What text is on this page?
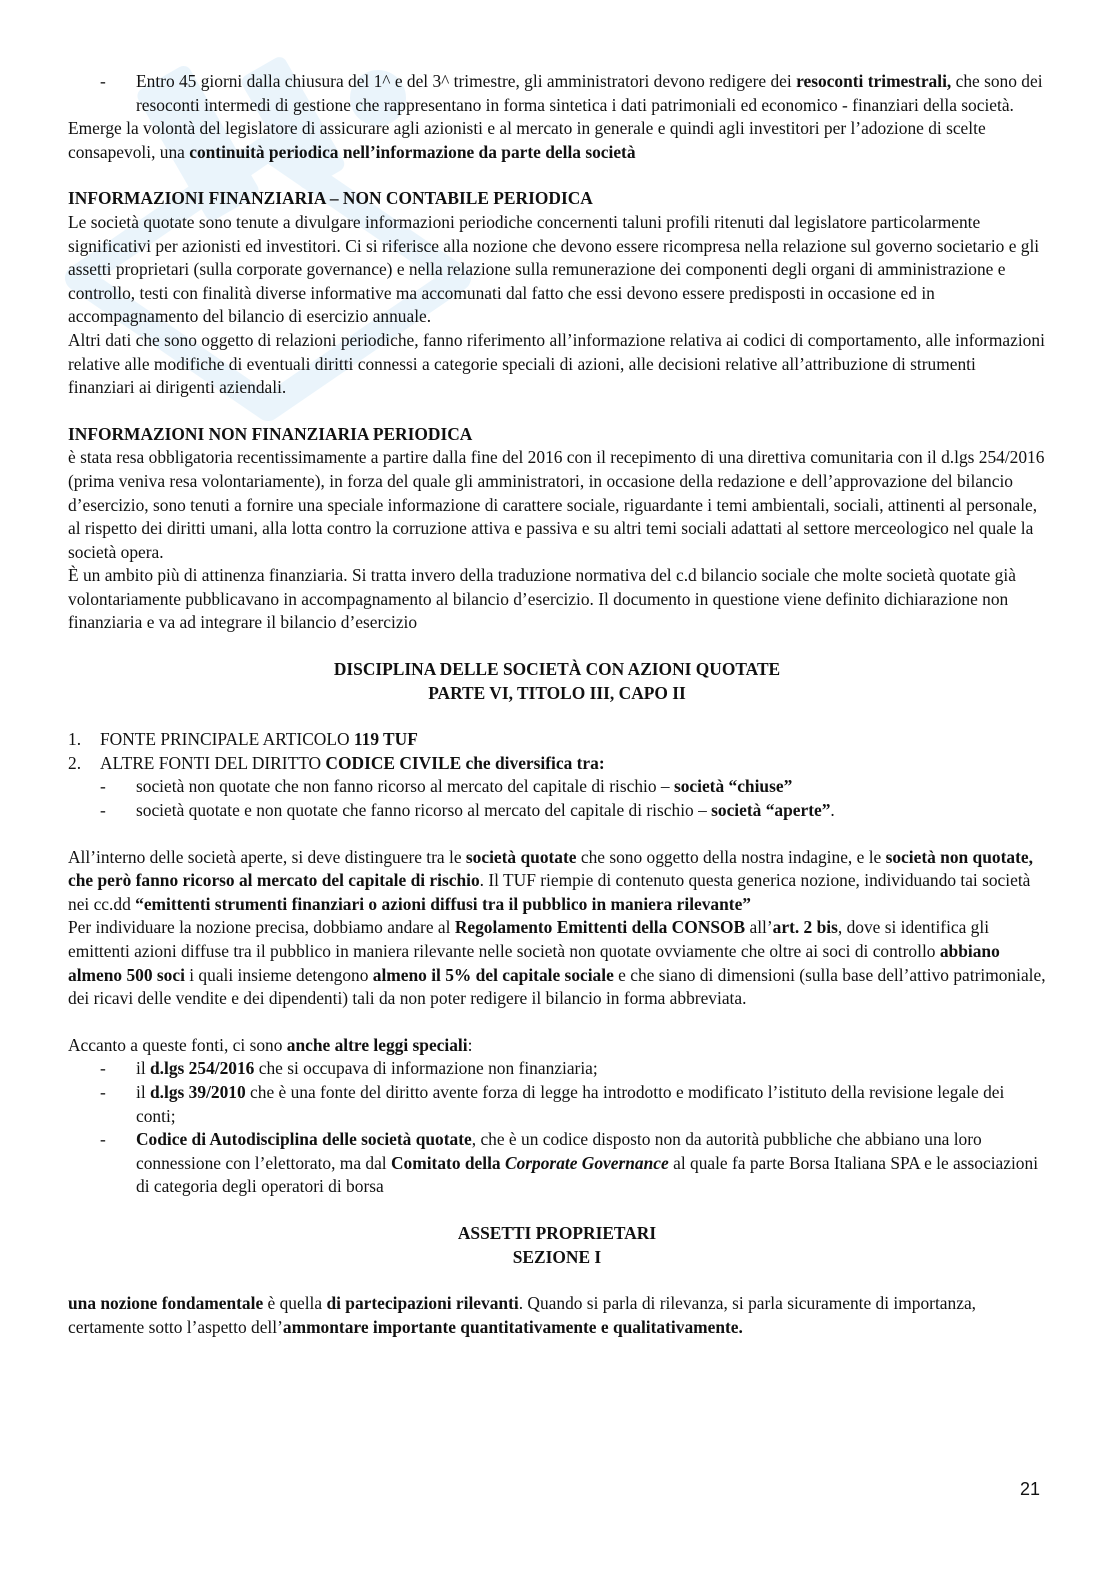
- Entro 45 giorni dalla chiusura del 1^ e del 3^ trimestre, gli amministratori devono redigere dei resoconti trimestrali, che sono dei resoconti intermedi di gestione che rappresentano in forma sintetica i dati patrimoniali ed economico - finanziari della società.

Emerge la volontà del legislatore di assicurare agli azionisti e al mercato in generale e quindi agli investitori per l’adozione di scelte consapevoli, una continuità periodica nell’informazione da parte della società

INFORMAZIONI FINANZIARIA – NON CONTABILE PERIODICA

Le società quotate sono tenute a divulgare informazioni periodiche concernenti taluni profili ritenuti dal legislatore particolarmente significativi per azionisti ed investitori. Ci si riferisce alla nozione che devono essere ricompresa nella relazione sul governo societario e gli assetti proprietari (sulla corporate governance) e nella relazione sulla remunerazione dei componenti degli organi di amministrazione e controllo, testi con finalità diverse informative ma accomunati dal fatto che essi devono essere predisposti in occasione ed in accompagnamento del bilancio di esercizio annuale.

Altri dati che sono oggetto di relazioni periodiche, fanno riferimento all’informazione relativa ai codici di comportamento, alle informazioni relative alle modifiche di eventuali diritti connessi a categorie speciali di azioni, alle decisioni relative all’attribuzione di strumenti finanziari ai dirigenti aziendali.

INFORMAZIONI NON FINANZIARIA PERIODICA

è stata resa obbligatoria recentissimamente a partire dalla fine del 2016 con il recepimento di una direttiva comunitaria con il d.lgs 254/2016 (prima veniva resa volontariamente), in forza del quale gli amministratori, in occasione della redazione e dell’approvazione del bilancio d’esercizio, sono tenuti a fornire una speciale informazione di carattere sociale, riguardante i temi ambientali, sociali, attinenti al personale, al rispetto dei diritti umani, alla lotta contro la corruzione attiva e passiva e su altri temi sociali adattati al settore merceologico nel quale la società opera.

È un ambito più di attinenza finanziaria. Si tratta invero della traduzione normativa del c.d bilancio sociale che molte società quotate già volontariamente pubblicavano in accompagnamento al bilancio d’esercizio. Il documento in questione viene definito dichiarazione non finanziaria e va ad integrare il bilancio d’esercizio

DISCIPLINA DELLE SOCIETÀ CON AZIONI QUOTATE

PARTE VI, TITOLO III, CAPO II

1. FONTE PRINCIPALE ARTICOLO 119 TUF
2. ALTRE FONTI DEL DIRITTO CODICE CIVILE che diversifica tra:
- società non quotate che non fanno ricorso al mercato del capitale di rischio – società “chiuse”
- società quotate e non quotate che fanno ricorso al mercato del capitale di rischio – società “aperte”.

All’interno delle società aperte, si deve distinguere tra le società quotate che sono oggetto della nostra indagine, e le società non quotate, che però fanno ricorso al mercato del capitale di rischio. Il TUF riempie di contenuto questa generica nozione, individuando tai società nei cc.dd “emittenti strumenti finanziari o azioni diffusi tra il pubblico in maniera rilevante”

Per individuare la nozione precisa, dobbiamo andare al Regolamento Emittenti della CONSOB all’art. 2 bis, dove si identifica gli emittenti azioni diffuse tra il pubblico in maniera rilevante nelle società non quotate ovviamente che oltre ai soci di controllo abbiano almeno 500 soci i quali insieme detengono almeno il 5% del capitale sociale e che siano di dimensioni (sulla base dell’attivo patrimoniale, dei ricavi delle vendite e dei dipendenti) tali da non poter redigere il bilancio in forma abbreviata.

Accanto a queste fonti, ci sono anche altre leggi speciali:

- il d.lgs 254/2016 che si occupava di informazione non finanziaria;
- il d.lgs 39/2010 che è una fonte del diritto avente forza di legge ha introdotto e modificato l’istituto della revisione legale dei conti;
- Codice di Autodisciplina delle società quotate, che è un codice disposto non da autorità pubbliche che abbiano una loro connessione con l’elettorato, ma dal Comitato della Corporate Governance al quale fa parte Borsa Italiana SPA e le associazioni di categoria degli operatori di borsa

ASSETTI PROPRIETARI

SEZIONE I

una nozione fondamentale è quella di partecipazioni rilevanti. Quando si parla di rilevanza, si parla sicuramente di importanza, certamente sotto l’aspetto dell’ammontare importante quantitativamente e qualitativamente.

21
